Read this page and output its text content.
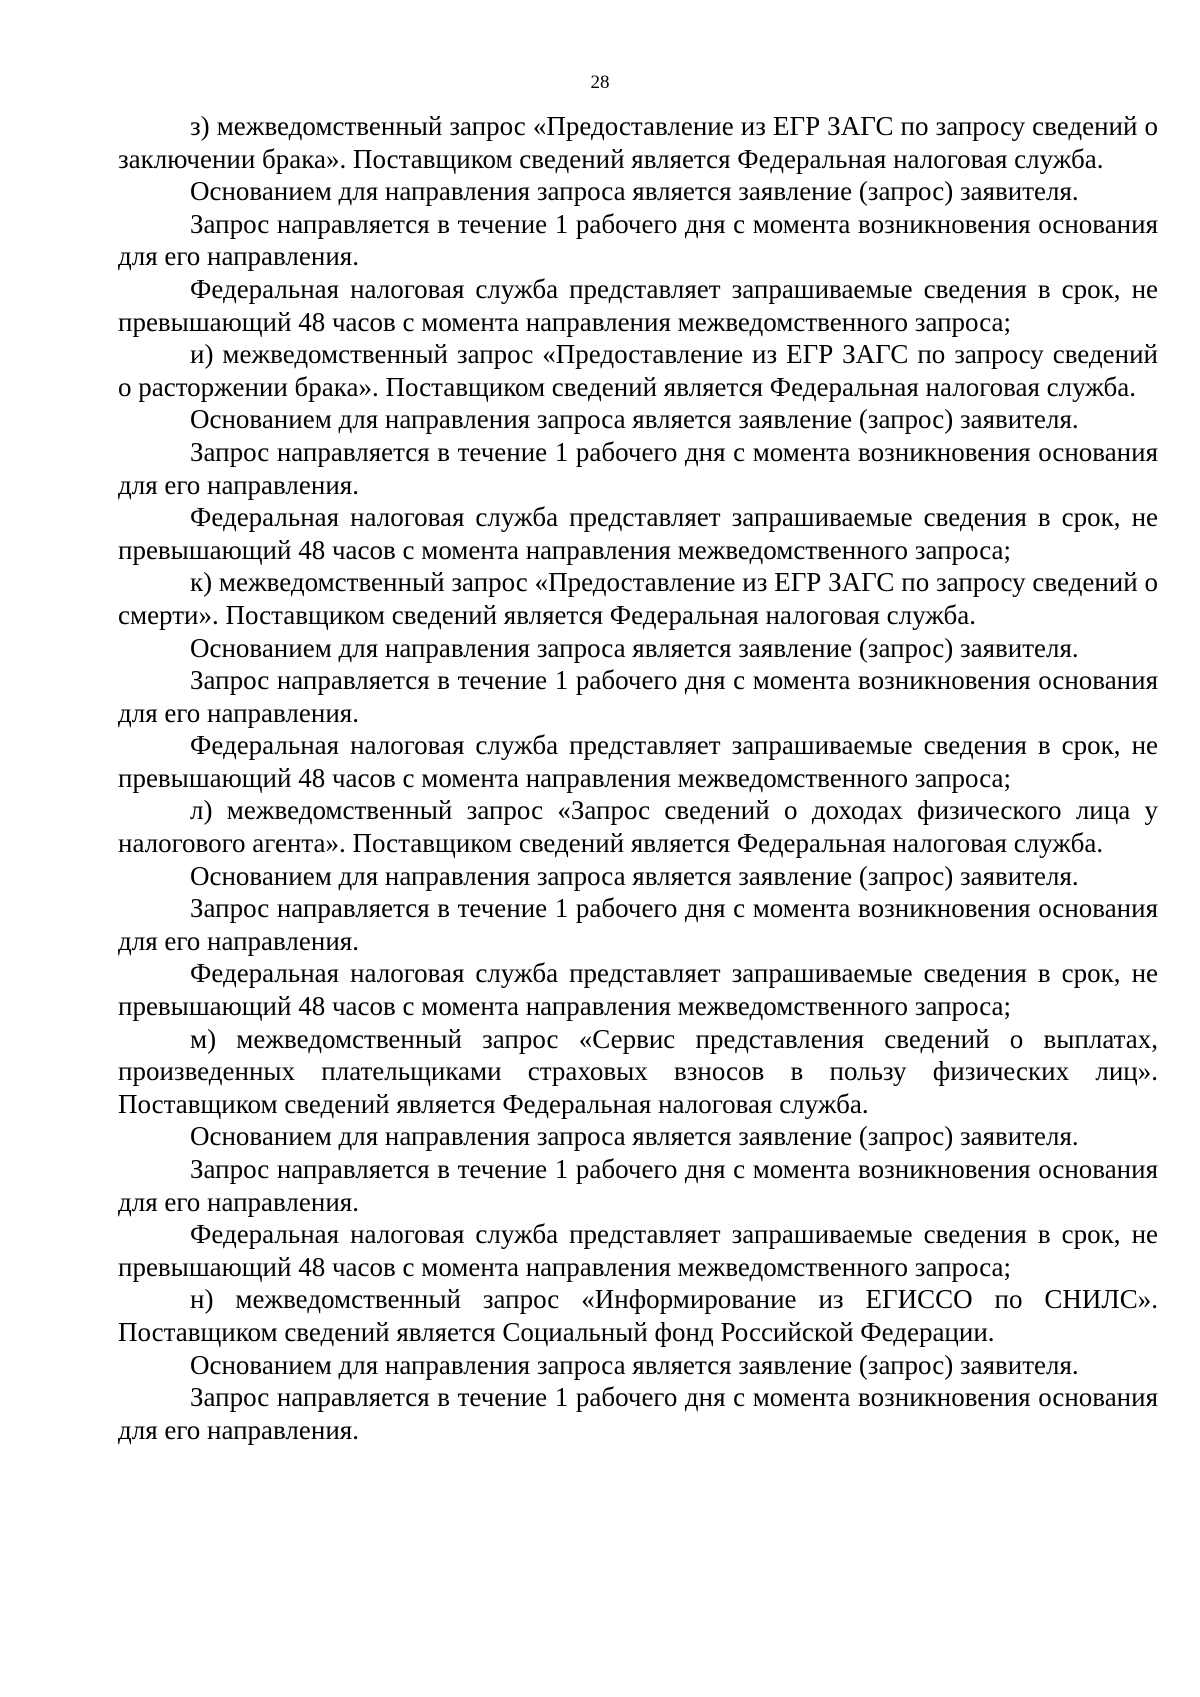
28

з) межведомственный запрос «Предоставление из ЕГР ЗАГС по запросу сведений о заключении брака». Поставщиком сведений является Федеральная налоговая служба.

Основанием для направления запроса является заявление (запрос) заявителя.

Запрос направляется в течение 1 рабочего дня с момента возникновения основания для его направления.

Федеральная налоговая служба представляет запрашиваемые сведения в срок, не превышающий 48 часов с момента направления межведомственного запроса;

и) межведомственный запрос «Предоставление из ЕГР ЗАГС по запросу сведений о расторжении брака». Поставщиком сведений является Федеральная налоговая служба.

Основанием для направления запроса является заявление (запрос) заявителя.

Запрос направляется в течение 1 рабочего дня с момента возникновения основания для его направления.

Федеральная налоговая служба представляет запрашиваемые сведения в срок, не превышающий 48 часов с момента направления межведомственного запроса;

к) межведомственный запрос «Предоставление из ЕГР ЗАГС по запросу сведений о смерти». Поставщиком сведений является Федеральная налоговая служба.

Основанием для направления запроса является заявление (запрос) заявителя.

Запрос направляется в течение 1 рабочего дня с момента возникновения основания для его направления.

Федеральная налоговая служба представляет запрашиваемые сведения в срок, не превышающий 48 часов с момента направления межведомственного запроса;

л) межведомственный запрос «Запрос сведений о доходах физического лица у налогового агента». Поставщиком сведений является Федеральная налоговая служба.

Основанием для направления запроса является заявление (запрос) заявителя.

Запрос направляется в течение 1 рабочего дня с момента возникновения основания для его направления.

Федеральная налоговая служба представляет запрашиваемые сведения в срок, не превышающий 48 часов с момента направления межведомственного запроса;

м) межведомственный запрос «Сервис представления сведений о выплатах, произведенных плательщиками страховых взносов в пользу физических лиц». Поставщиком сведений является Федеральная налоговая служба.

Основанием для направления запроса является заявление (запрос) заявителя.

Запрос направляется в течение 1 рабочего дня с момента возникновения основания для его направления.

Федеральная налоговая служба представляет запрашиваемые сведения в срок, не превышающий 48 часов с момента направления межведомственного запроса;

н) межведомственный запрос «Информирование из ЕГИССО по СНИЛС». Поставщиком сведений является Социальный фонд Российской Федерации.

Основанием для направления запроса является заявление (запрос) заявителя.

Запрос направляется в течение 1 рабочего дня с момента возникновения основания для его направления.
